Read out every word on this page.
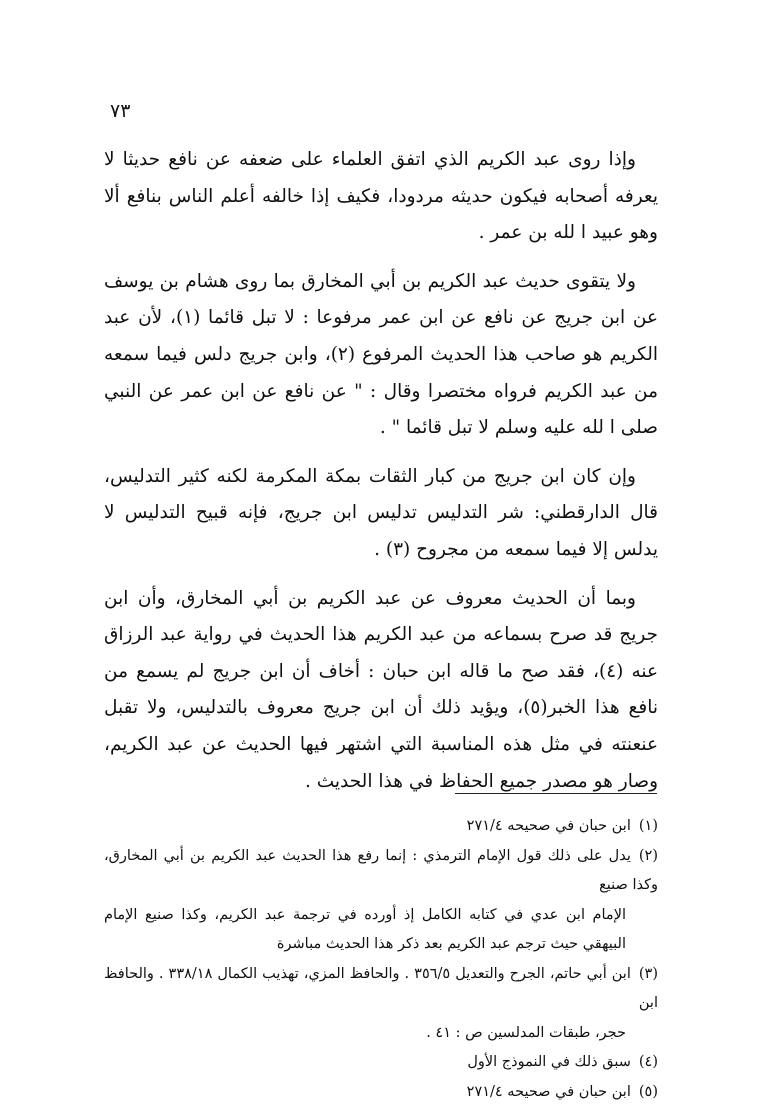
٧٣

وإذا روى عبد الكريم الذي اتفق العلماء على ضعفه عن نافع حديثا لا يعرفه أصحابه فيكون حديثه مردودا، فكيف إذا خالفه أعلم الناس بنافع ألا وهو عبيد ا لله بن عمر .

ولا يتقوى حديث عبد الكريم بن أبي المخارق بما روى هشام بن يوسف عن ابن جريج عن نافع عن ابن عمر مرفوعا : لا تبل قائما (١)، لأن عبد الكريم هو صاحب هذا الحديث المرفوع (٢)، وابن جريج دلس فيما سمعه من عبد الكريم فرواه مختصرا وقال : " عن نافع عن ابن عمر عن النبي صلى ا لله عليه وسلم لا تبل قائما " .

وإن كان ابن جريج من كبار الثقات بمكة المكرمة لكنه كثير التدليس، قال الدارقطني: شر التدليس تدليس ابن جريج، فإنه قبيح التدليس لا يدلس إلا فيما سمعه من مجروح (٣) .

وبما أن الحديث معروف عن عبد الكريم بن أبي المخارق، وأن ابن جريج قد صرح بسماعه من عبد الكريم هذا الحديث في رواية عبد الرزاق عنه (٤)، فقد صح ما قاله ابن حبان : أخاف أن ابن جريج لم يسمع من نافع هذا الخبر(٥)، ويؤيد ذلك أن ابن جريج معروف بالتدليس، ولا تقبل عنعنته في مثل هذه المناسبة التي اشتهر فيها الحديث عن عبد الكريم، وصار هو مصدر جميع الحفاظ في هذا الحديث .

(١)ابن حبان في صحيحه ٢٧١/٤

(٢)يدل على ذلك قول الإمام الترمذي : إنما رفع هذا الحديث عبد الكريم بن أبي المخارق، وكذا صنيع
الإمام ابن عدي في كتابه الكامل إذ أورده في ترجمة عبد الكريم، وكذا صنيع الإمام البيهقي حيث ترجم عبد الكريم بعد ذكر هذا الحديث مباشرة

(٣)ابن أبي حاتم، الجرح والتعديل ٣٥٦/٥ . والحافظ المزي، تهذيب الكمال ٣٣٨/١٨ . والحافظ ابن
حجر، طبقات المدلسين ص : ٤١ .

(٤)سبق ذلك في النموذج الأول

(٥)ابن حبان في صحيحه ٢٧١/٤
